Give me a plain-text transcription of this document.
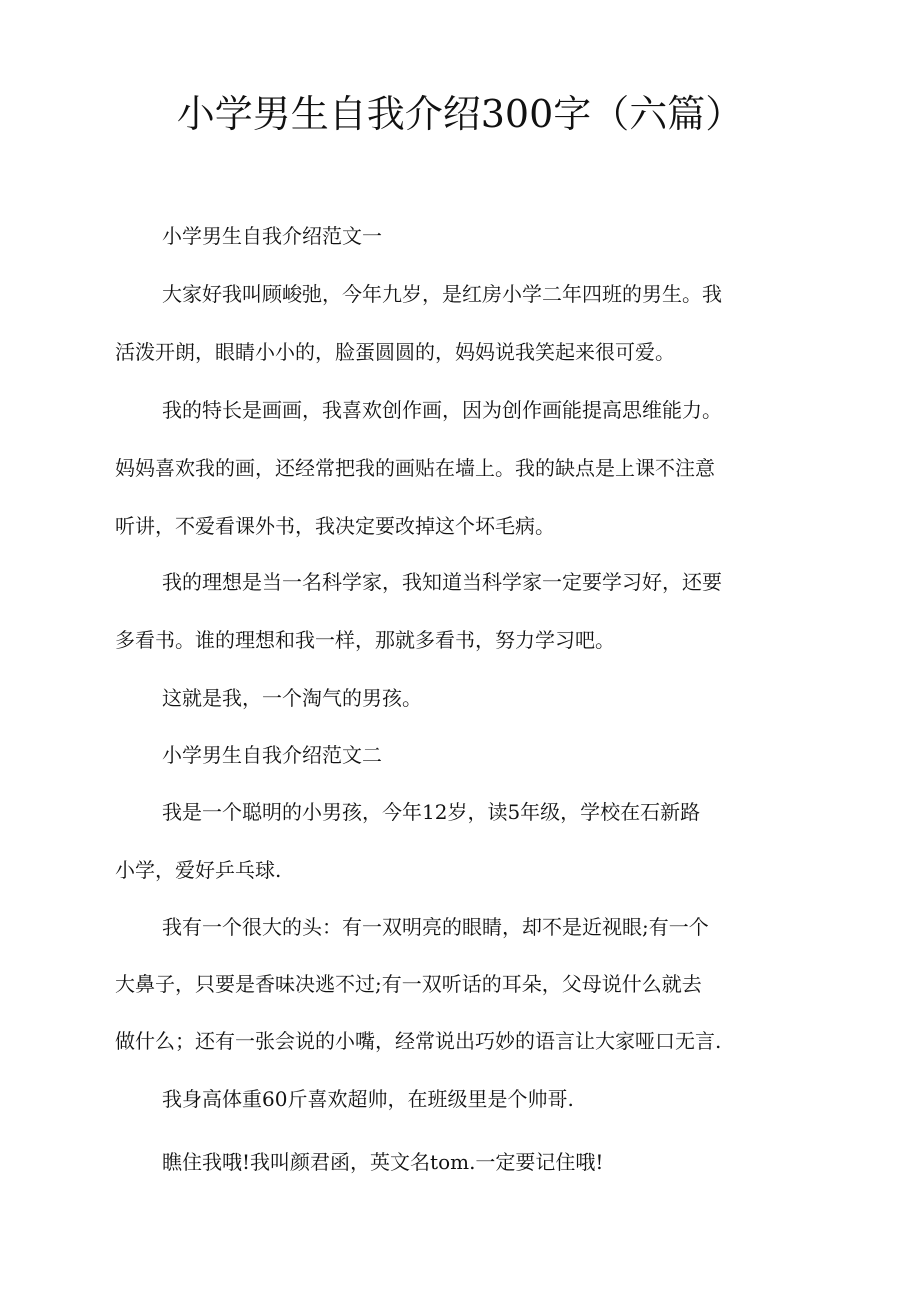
小学男生自我介绍300字（六篇）

小学男生自我介绍范文一

大家好我叫顾峻弛，今年九岁，是红房小学二年四班的男生。我

活泼开朗，眼睛小小的，脸蛋圆圆的，妈妈说我笑起来很可爱。

我的特长是画画，我喜欢创作画，因为创作画能提高思维能力。

妈妈喜欢我的画，还经常把我的画贴在墙上。我的缺点是上课不注意

听讲，不爱看课外书，我决定要改掉这个坏毛病。

我的理想是当一名科学家，我知道当科学家一定要学习好，还要

多看书。谁的理想和我一样，那就多看书，努力学习吧。

这就是我，一个淘气的男孩。

小学男生自我介绍范文二

我是一个聪明的小男孩，今年12岁，读5年级，学校在石新路

小学，爱好乒乓球.

我有一个很大的头：有一双明亮的眼睛，却不是近视眼;有一个

大鼻子，只要是香味决逃不过;有一双听话的耳朵，父母说什么就去

做什么；还有一张会说的小嘴，经常说出巧妙的语言让大家哑口无言.

我身高体重60斤喜欢超帅，在班级里是个帅哥.

瞧住我哦!我叫颜君函，英文名tom.一定要记住哦!
